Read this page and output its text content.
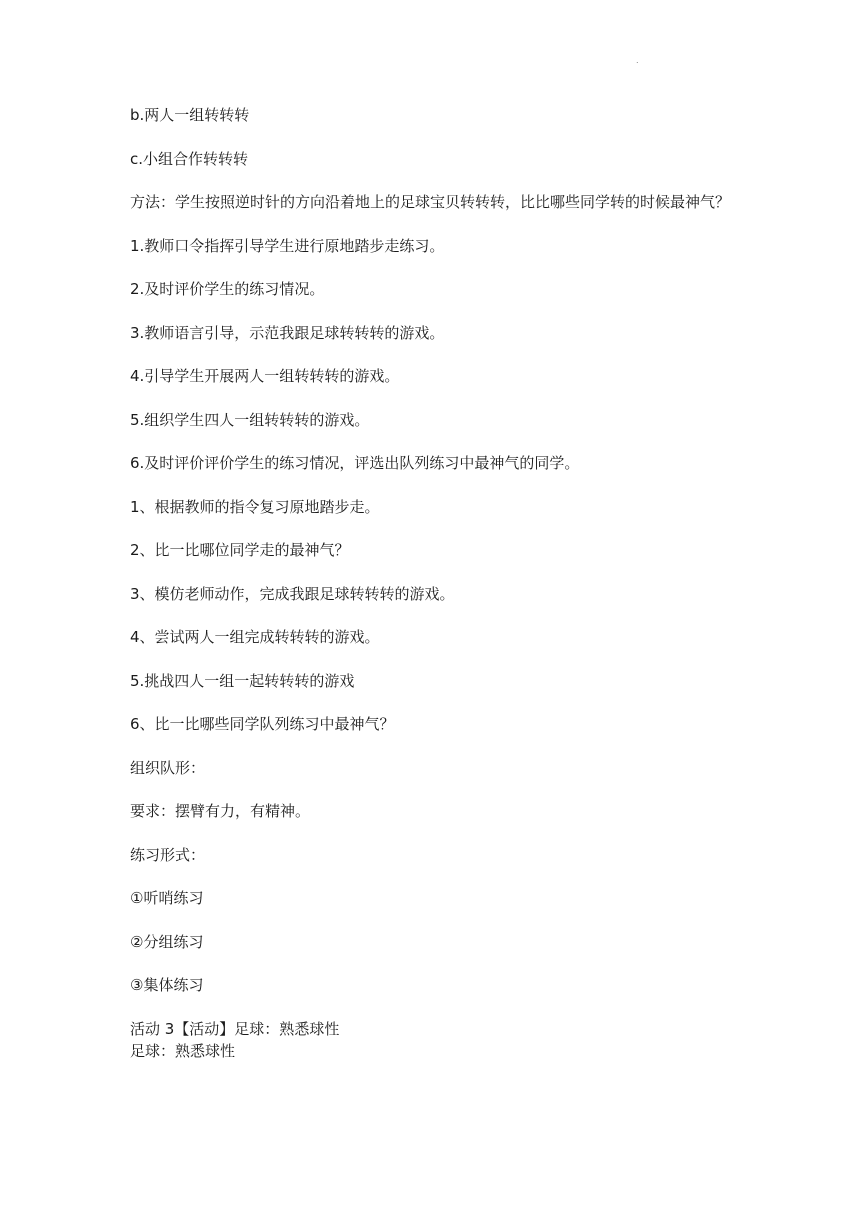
.

b.两人一组转转转

c.小组合作转转转

方法：学生按照逆时针的方向沿着地上的足球宝贝转转转，比比哪些同学转的时候最神气？

1.教师口令指挥引导学生进行原地踏步走练习。

2.及时评价学生的练习情况。

3.教师语言引导，示范我跟足球转转转的游戏。

4.引导学生开展两人一组转转转的游戏。

5.组织学生四人一组转转转的游戏。

6.及时评价评价学生的练习情况，评选出队列练习中最神气的同学。

1、根据教师的指令复习原地踏步走。

2、比一比哪位同学走的最神气？

3、模仿老师动作，完成我跟足球转转转的游戏。

4、尝试两人一组完成转转转的游戏。

5.挑战四人一组一起转转转的游戏

6、比一比哪些同学队列练习中最神气？

组织队形：

要求：摆臂有力，有精神。

练习形式：

①听哨练习

②分组练习

③集体练习

活动 3【活动】足球：熟悉球性

足球：熟悉球性
